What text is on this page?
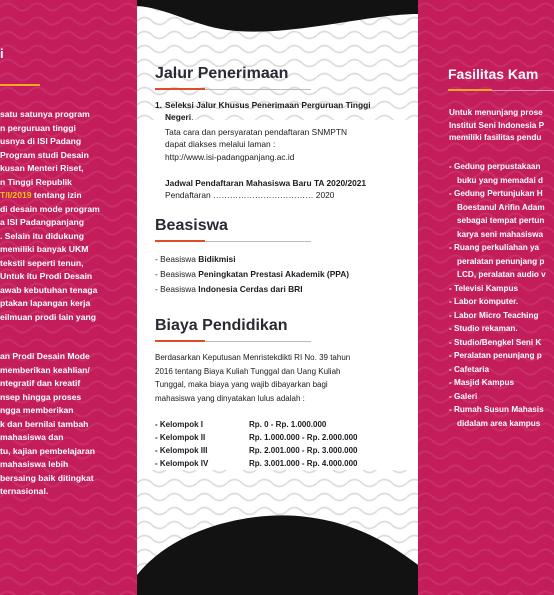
i
satu satunya program
n perguruan tinggi
usnya di ISI Padang
Program studi Desain
kusan Menteri Riset,
n Tinggi Republik
T/I/2019 tentang izin
di desain mode program
a ISI Padangpanjang
. Selain itu didukung
memiliki banyak UKM
tekstil seperti tenun,
Untuk itu Prodi Desain
awab kebutuhan tenaga
ptakan lapangan kerja
eilmuan prodi lain yang
an Prodi Desain Mode
memberikan keahlian/
ntegratif dan kreatif
nsep hingga proses
ngga memberikan
k dan bernilai tambah
mahasiswa dan
tu, kajian pembelajaran
mahasiswa lebih
bersaing baik ditingkat
ternasional.
Jalur Penerimaan
1. Seleksi Jalur Khusus Penerimaan Perguruan Tinggi
Negeri.
Tata cara dan persyaratan pendaftaran SNMPTN
dapat diakses melalui laman :
http://www.isi-padangpanjang.ac.id
Jadwal Pendaftaran Mahasiswa Baru TA 2020/2021
Pendaftaran ……………………………… 2020
Beasiswa
- Beasiswa Bidikmisi
- Beasiswa Peningkatan Prestasi Akademik (PPA)
- Beasiswa Indonesia Cerdas dari BRI
Biaya Pendidikan
Berdasarkan Keputusan Menristekdikti RI No. 39 tahun
2016 tentang Biaya Kuliah Tunggal dan Uang Kuliah
Tunggal, maka biaya yang wajib dibayarkan bagi
mahasiswa yang dinyatakan lulus adalah :
- Kelompok I	Rp. 0 - Rp. 1.000.000
- Kelompok II	Rp. 1.000.000 - Rp. 2.000.000
- Kelompok III	Rp. 2.001.000 - Rp. 3.000.000
- Kelompok IV	Rp. 3.001.000 - Rp. 4.000.000
Fasilitas Kam
Untuk menunjang prose
Institut Seni Indonesia P
memiliki fasilitas pendu
- Gedung perpustakaan
buku yang memadai d
- Gedung Pertunjukan H
Boestanul Arifin Adam
sebagai tempat pertun
karya seni mahasiswa
- Ruang perkuliahan ya
peralatan penunjang p
LCD, peralatan audio v
- Televisi Kampus
- Labor komputer.
- Labor Micro Teaching
- Studio rekaman.
- Studio/Bengkel Seni K
- Peralatan penunjang p
- Cafetaria
- Masjid Kampus
- Galeri
- Rumah Susun Mahasis
didalam area kampus
